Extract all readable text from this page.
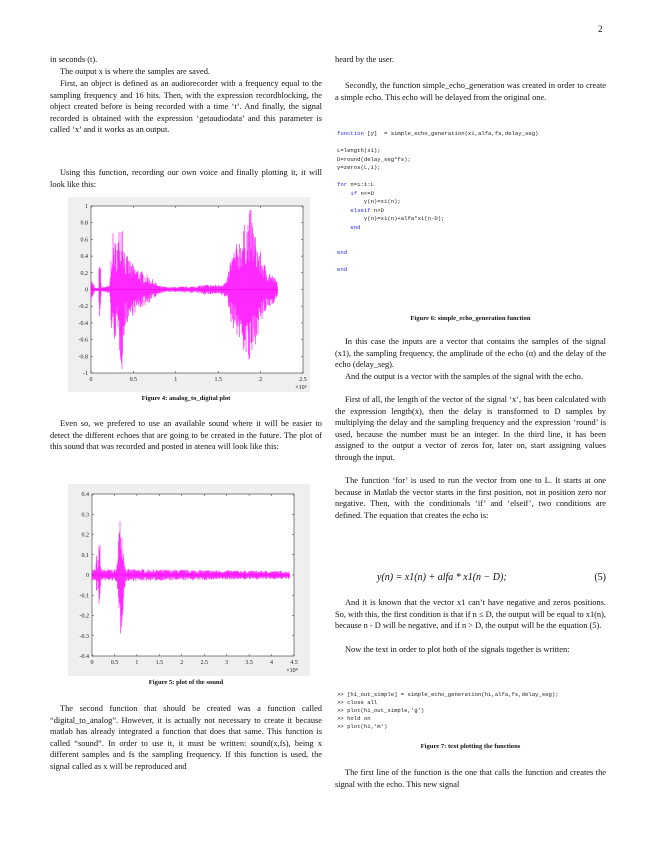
2

in seconds (t).

The output x is where the samples are saved.

First, an object is defined as an audiorecorder with a frequency equal to the sampling frequency and 16 bits. Then, with the expression recordblocking, the object created before is being recorded with a time ‘t’. And finally, the signal recorded is obtained with the expression ‘getaudiodata’ and this parameter is called ‘x’ and it works as an output.

Using this function, recording our own voice and finally plotting it, it will look like this:

0	0.5	1	1.5	2	2.5
-1
-0.8
-0.6
-0.4
-0.2
0
0.2
0.4
0.6
0.8
1
×10⁵
Figure 4: analog_to_digital plot

Even so, we prefered to use an available sound where it will be easier to detect the different echoes that are going to be created in the future. The plot of this sound that was recorded and posted in atenea will look like this:

0	0.5	1	1.5	2	2.5	3	3.5	4	4.5
-0.4
-0.3
-0.2
-0.1
0
0.1
0.2
0.3
0.4
×10⁴
Figure 5: plot of the sound

The second function that should be created was a function called “digital_to_analog”. However, it is actually not necessary to create it because matlab has already integrated a function that does that same. This function is called “sound”. In order to use it, it must be written: sound(x,fs), being x different samples and fs the sampling frequency. If this function is used, the signal called as x will be reproduced and

heard by the user.

Secondly, the function simple_echo_generation was created in order to create a simple echo. This echo will be delayed from the original one.

function [y]  = simple_echo_generation(x1,alfa,fs,delay_seg)
L=length(x1);
D=round(delay_seg*fs);
y=zeros(L,1);
for n=1:1:L
if n<=D
y(n)=x1(n);
elseif n>D
y(n)=x1(n)+alfa*x1(n-D);
end
end
end
Figure 6: simple_echo_generation function

In this case the inputs are a vector that contains the samples of the signal (x1), the sampling frequency, the amplitude of the echo (α) and the delay of the echo (delay_seg).

And the output is a vector with the samples of the signal with the echo.

First of all, the length of the vector of the signal ‘x’, has been calculated with the expression length(x), then the delay is transformed to D samples by multiplying the delay and the sampling frequency and the expression ‘round’ is used, because the number must be an integer. In the third line, it has been assigned to the output a vector of zeros for, later on, start assigning values through the input.

The function ‘for’ is used to run the vector from one to L. It starts at one because in Matlab the vector starts in the first position, not in position zero nor negative. Then, with the conditionals ‘if’ and ‘elseif’, two conditions are defined. The equation that creates the echo is:

y(n) = x1(n) + alfa * x1(n − D);	(5)

And it is known that the vector x1 can’t have negative and zeros positions. So, with this, the first condition is that if n ≤ D, the output will be equal to x1(n), because n - D will be negative, and if n > D, the output will be the equation (5).

Now the text in order to plot both of the signals together is written:

>> [hi_out_simple] = simple_echo_generation(hi,alfa,fs,delay_seg);
>> close all
>> plot(hi_out_simple,'g')
>> hold on
>> plot(hi,'m')
Figure 7: text plotting the functions

The first line of the function is the one that calls the function and creates the signal with the echo. This new signal
